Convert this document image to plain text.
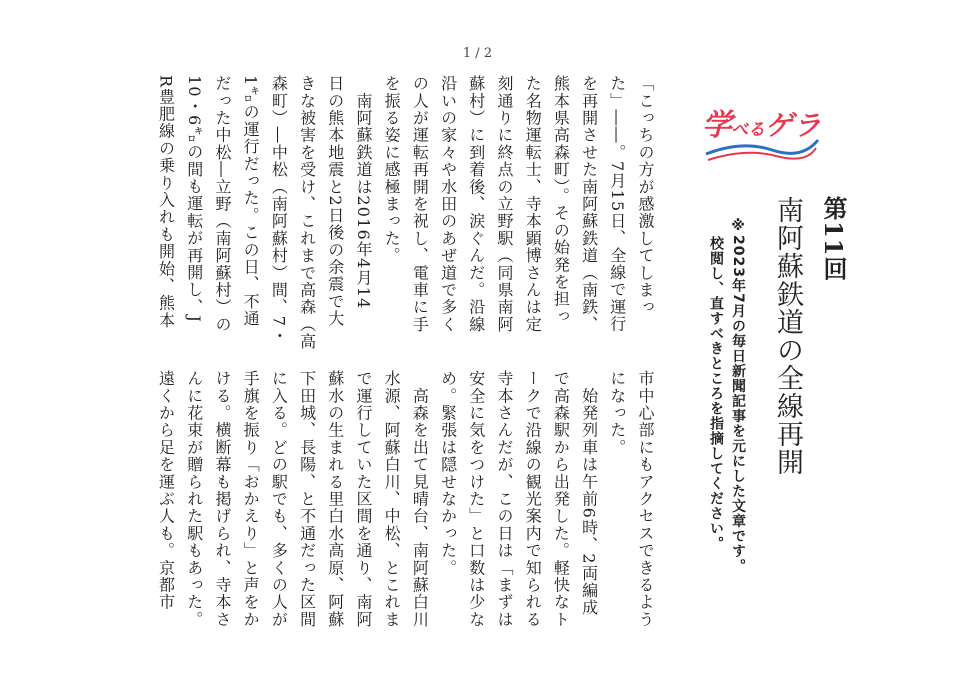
1 / 2
学べるゲラ
第11回
南阿蘇鉄道の全線再開
※2023年7月の毎日新聞記事を元にした文章です。
校閲し、直すべきところを指摘してください。

「こっちの方が感激してしまっ

た」――。7月15日、全線で運行

を再開させた南阿蘇鉄道（南鉄、

熊本県高森町）。その始発を担っ

た名物運転士、寺本顕博さんは定

刻通りに終点の立野駅（同県南阿

蘇村）に到着後、涙ぐんだ。沿線

沿いの家々や水田のあぜ道で多く

の人が運転再開を祝し、電車に手

を振る姿に感極まった。

　南阿蘇鉄道は2016年4月14

日の熊本地震と2日後の余震で大

きな被害を受け、これまで高森（高

森町）―中松（南阿蘇村）間、7・

1㌔の運行だった。この日、不通

だった中松―立野（南阿蘇村）の

10・6㌔の間も運転が再開し、J

R豊肥線の乗り入れも開始、熊本

市中心部にもアクセスできるよう

になった。

　始発列車は午前6時、2両編成

で高森駅から出発した。軽快なト

ークで沿線の観光案内で知られる

寺本さんだが、この日は「まずは

安全に気をつけた」と口数は少な

め。緊張は隠せなかった。

　高森を出て見晴台、南阿蘇白川

水源、阿蘇白川、中松、とこれま

で運行していた区間を通り、南阿

蘇水の生まれる里白水高原、阿蘇

下田城、長陽、と不通だった区間

に入る。どの駅でも、多くの人が

手旗を振り「おかえり」と声をか

ける。横断幕も掲げられ、寺本さ

んに花束が贈られた駅もあった。

遠くから足を運ぶ人も。京都市
